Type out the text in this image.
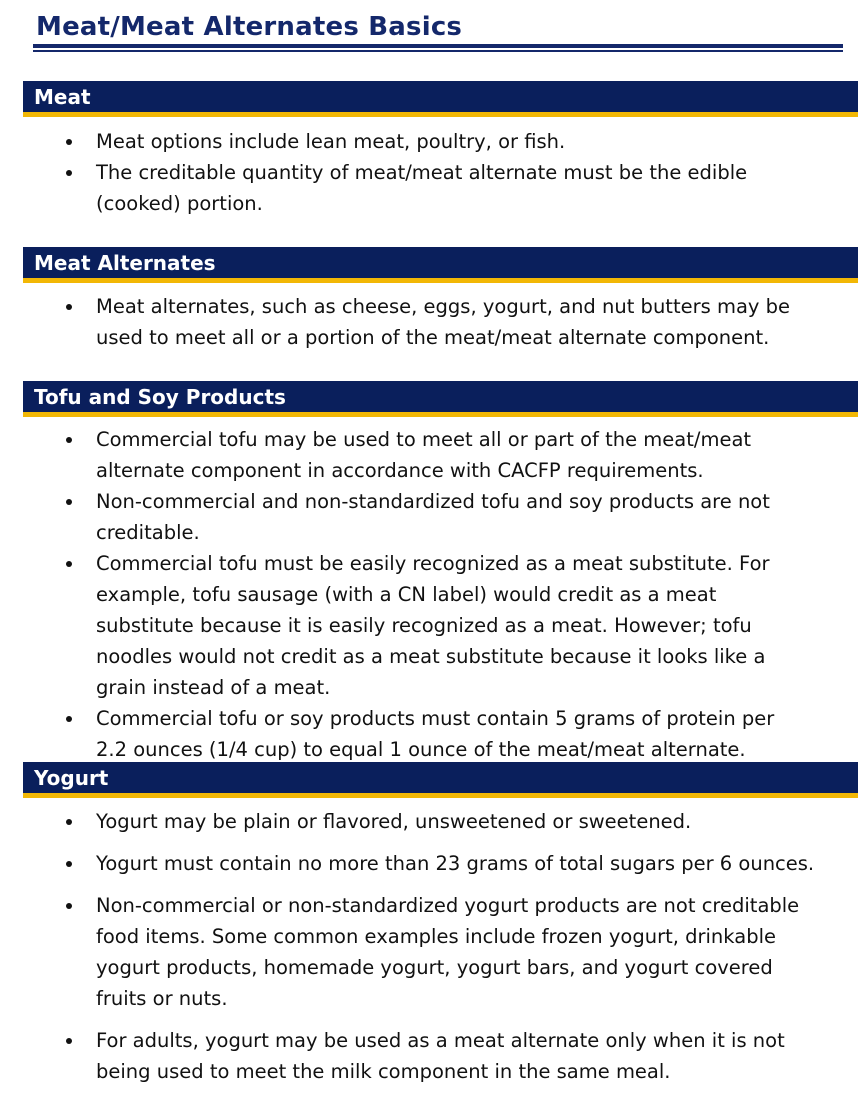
Meat/Meat Alternates Basics
Meat
Meat options include lean meat, poultry, or fish.
The creditable quantity of meat/meat alternate must be the edible
(cooked) portion.
Meat Alternates
Meat alternates, such as cheese, eggs, yogurt, and nut butters may be
used to meet all or a portion of the meat/meat alternate component.
Tofu and Soy Products
Commercial tofu may be used to meet all or part of the meat/meat
alternate component in accordance with CACFP requirements.
Non-commercial and non-standardized tofu and soy products are not
creditable.
Commercial tofu must be easily recognized as a meat substitute. For
example, tofu sausage (with a CN label) would credit as a meat
substitute because it is easily recognized as a meat. However; tofu
noodles would not credit as a meat substitute because it looks like a
grain instead of a meat.
Commercial tofu or soy products must contain 5 grams of protein per
2.2 ounces (1/4 cup) to equal 1 ounce of the meat/meat alternate.
Yogurt
Yogurt may be plain or flavored, unsweetened or sweetened.
Yogurt must contain no more than 23 grams of total sugars per 6 ounces.
Non-commercial or non-standardized yogurt products are not creditable
food items. Some common examples include frozen yogurt, drinkable
yogurt products, homemade yogurt, yogurt bars, and yogurt covered
fruits or nuts.
For adults, yogurt may be used as a meat alternate only when it is not
being used to meet the milk component in the same meal.
